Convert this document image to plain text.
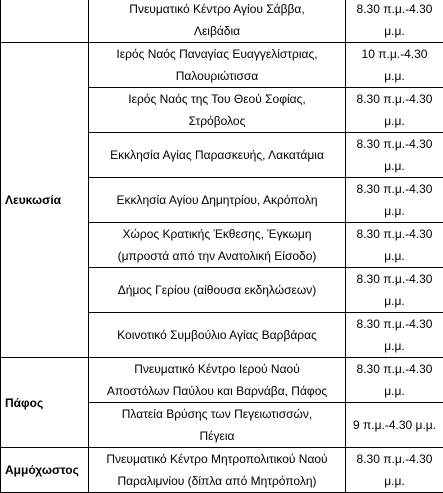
	Πνευματικό Κέντρο Αγίου Σάββα,
Λειβάδια	8.30 π.μ.-4.30
μ.μ.

Λευκωσία	Ιερός Ναός Παναγίας Ευαγγελίστριας,
Παλουριώτισσα	10 π.μ.-4.30
μ.μ.

	Ιερός Ναός της Του Θεού Σοφίας,
Στρόβολος	8.30 π.μ.-4.30
μ.μ.

	Εκκλησία Αγίας Παρασκευής, Λακατάμια	8.30 π.μ.-4.30
μ.μ.

	Εκκλησία Αγίου Δημητρίου, Ακρόπολη	8.30 π.μ.-4.30
μ.μ.

	Χώρος Κρατικής Έκθεσης, Έγκωμη
(μπροστά από την Ανατολική Είσοδο)	8.30 π.μ.-4.30
μ.μ.

	Δήμος Γερίου (αίθουσα εκδηλώσεων)	8.30 π.μ.-4.30
μ.μ.

	Κοινοτικό Συμβούλιο Αγίας Βαρβάρας	8.30 π.μ.-4.30
μ.μ.

Πάφος	Πνευματικό Κέντρο Ιερού Ναού
Αποστόλων Παύλου και Βαρνάβα, Πάφος	8.30 π.μ.-4.30
μ.μ.

	Πλατεία Βρύσης των Πεγειωτισσών,
Πέγεια	9 π.μ.-4.30 μ.μ.

Αμμόχωστος	Πνευματικό Κέντρο Μητροπολιτικού Ναού
Παραλιμνίου (δίπλα από Μητρόπολη)	8.30 π.μ.-4.30
μ.μ.
